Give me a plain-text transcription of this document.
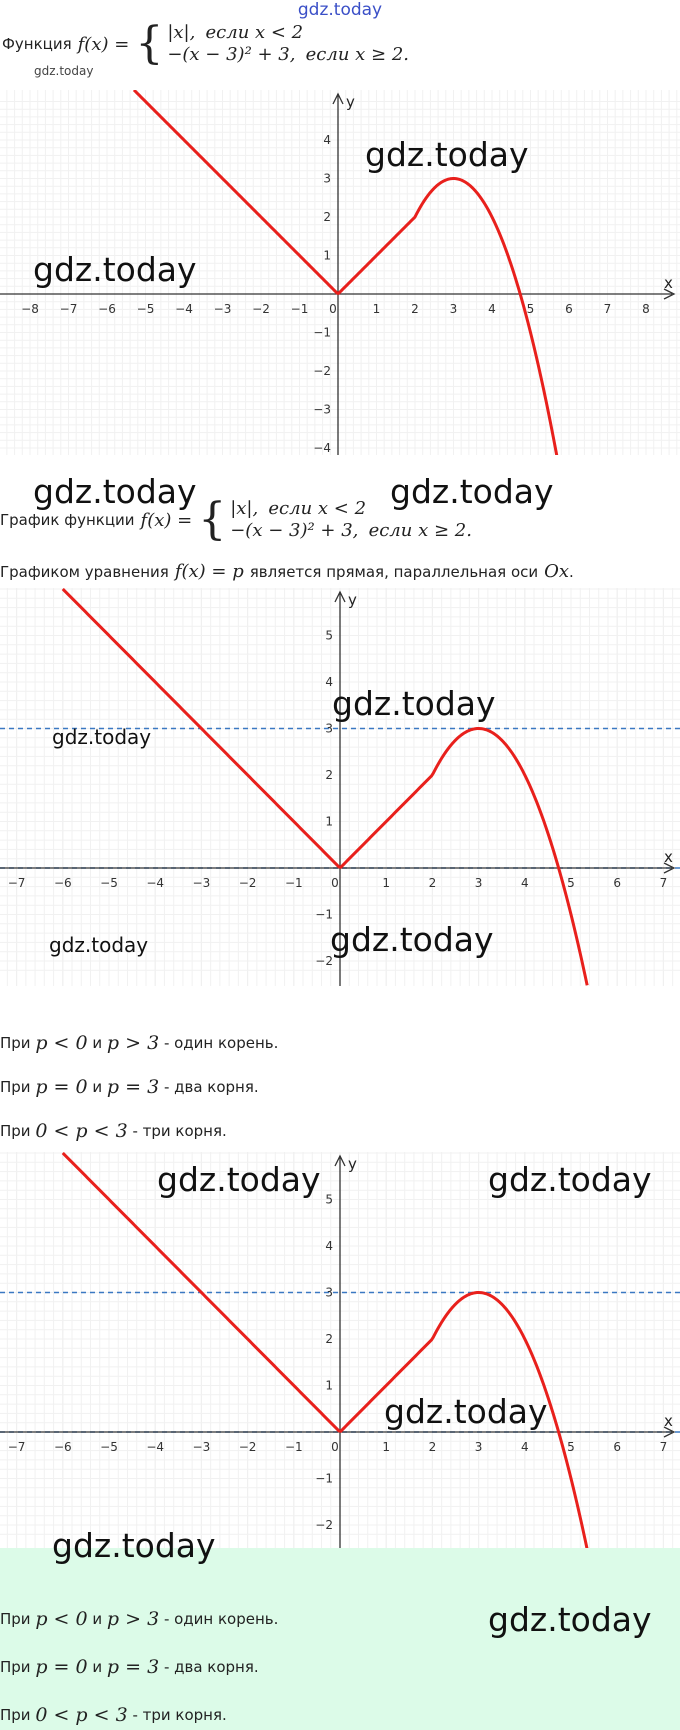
gdz.today
Функция f(x) = { |x|, если x < 2
−(x − 3)² + 3, если x ≥ 2.
gdz.today
x
y
−8 −7 −6 −5 −4 −3 −2 −1 0	1	2	3	4	5	6	7	8
4
3
2
1
−1
−2
−3
−4
gdz.today
gdz.today
gdz.today	gdz.today
График функции f(x) = { |x|, если x < 2
−(x − 3)² + 3, если x ≥ 2.
Графиком уравнения f(x) = p является прямая, параллельная оси Ox .
x
y
−7 −6 −5 −4 −3 −2 −1 0	1	2	3	4	5	6	7
5
4
3
2
1
−1
−2
gdz.today
gdz.today
gdz.today	gdz.today
При
p < 0
и
p > 3
- один корень.
При
p = 0
и
p = 3
- два корня.
При
0 < p < 3
- три корня.
x
y
−7 −6 −5 −4 −3 −2 −1 0	1	2	3	4	5	6	7
5
4
3
2
1
−1
−2
gdz.today	gdz.today
gdz.today
gdz.today
gdz.today
При
p < 0
и
p > 3
- один корень.
При
p = 0
и
p = 3
- два корня.
При
0 < p < 3
- три корня.
